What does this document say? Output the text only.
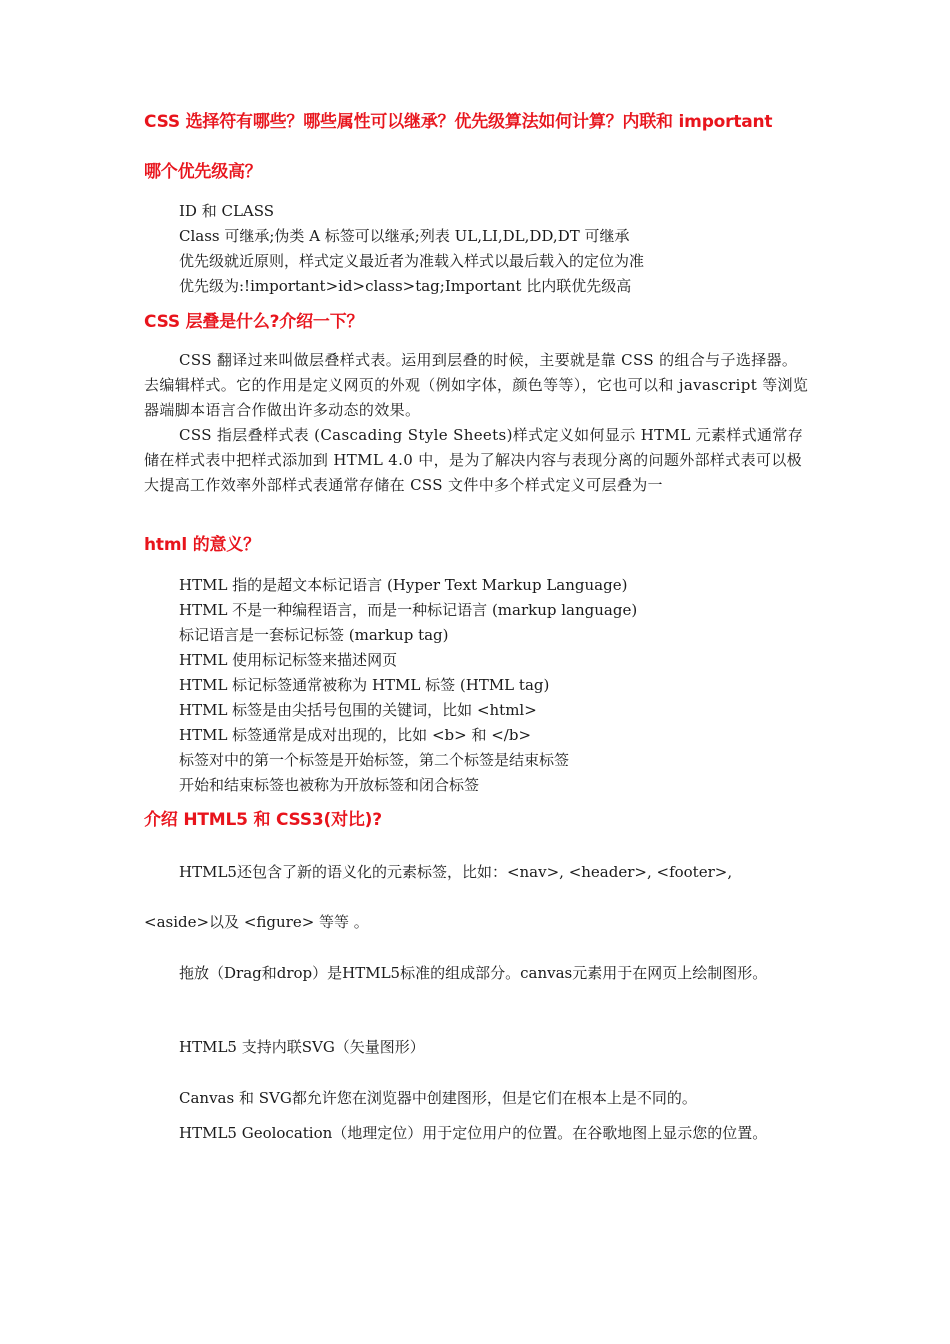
CSS 选择符有哪些？哪些属性可以继承？优先级算法如何计算？内联和 important
哪个优先级高？

ID 和 CLASS

Class 可继承;伪类 A 标签可以继承;列表 UL,LI,DL,DD,DT 可继承

优先级就近原则，样式定义最近者为准载入样式以最后载入的定位为准

优先级为:!important>id>class>tag;Important 比内联优先级高

CSS 层叠是什么?介绍一下？

CSS 翻译过来叫做层叠样式表。运用到层叠的时候，主要就是靠 CSS 的组合与子选择器。去编辑样式。它的作用是定义网页的外观（例如字体，颜色等等），它也可以和 javascript 等浏览器端脚本语言合作做出许多动态的效果。

CSS 指层叠样式表 (Cascading Style Sheets)样式定义如何显示 HTML 元素样式通常存储在样式表中把样式添加到 HTML 4.0 中，是为了解决内容与表现分离的问题外部样式表可以极大提高工作效率外部样式表通常存储在 CSS 文件中多个样式定义可层叠为一

html 的意义？

HTML 指的是超文本标记语言 (Hyper Text Markup Language)

HTML 不是一种编程语言，而是一种标记语言 (markup language)

标记语言是一套标记标签 (markup tag)

HTML 使用标记标签来描述网页

HTML 标记标签通常被称为 HTML 标签 (HTML tag)

HTML 标签是由尖括号包围的关键词，比如 <html>

HTML 标签通常是成对出现的，比如 <b> 和 </b>

标签对中的第一个标签是开始标签，第二个标签是结束标签

开始和结束标签也被称为开放标签和闭合标签

介绍 HTML5 和 CSS3(对比)?

HTML5还包含了新的语义化的元素标签，比如：<nav>, <header>, <footer>,

<aside>以及 <figure> 等等 。

拖放（Drag和drop）是HTML5标准的组成部分。canvas元素用于在网页上绘制图形。

HTML5 支持内联SVG（矢量图形）

Canvas 和 SVG都允许您在浏览器中创建图形，但是它们在根本上是不同的。

HTML5 Geolocation（地理定位）用于定位用户的位置。在谷歌地图上显示您的位置。
